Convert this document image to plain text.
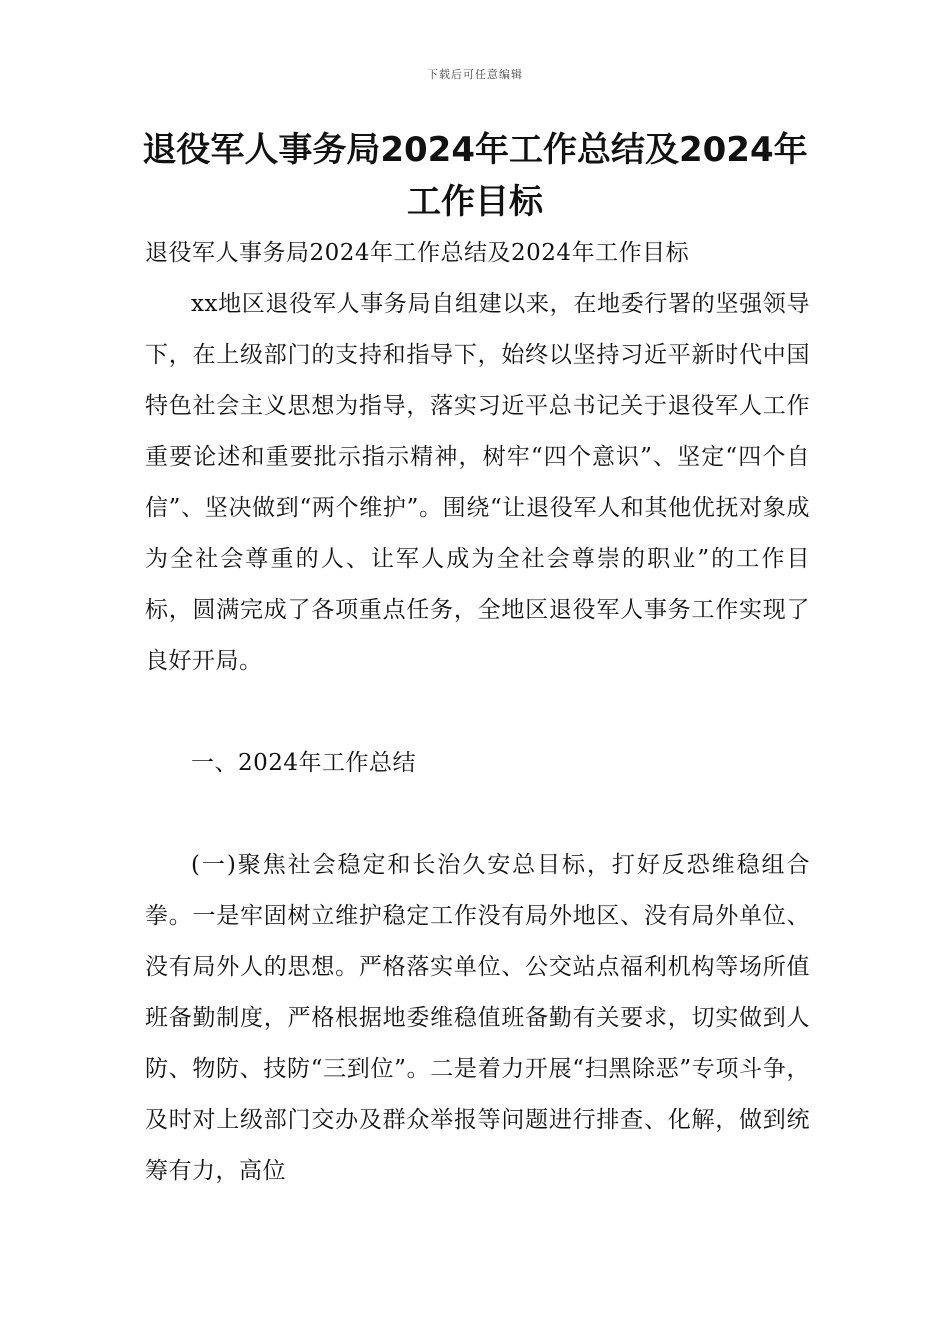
下载后可任意编辑
退役军人事务局2024年工作总结及2024年工作目标

退役军人事务局2024年工作总结及2024年工作目标

xx地区退役军人事务局自组建以来，在地委行署的坚强领导下，在上级部门的支持和指导下，始终以坚持习近平新时代中国特色社会主义思想为指导，落实习近平总书记关于退役军人工作重要论述和重要批示指示精神，树牢“四个意识”、坚定“四个自信”、坚决做到“两个维护”。围绕“让退役军人和其他优抚对象成为全社会尊重的人、让军人成为全社会尊崇的职业”的工作目标，圆满完成了各项重点任务，全地区退役军人事务工作实现了良好开局。

一、2024年工作总结

(一)聚焦社会稳定和长治久安总目标，打好反恐维稳组合拳。一是牢固树立维护稳定工作没有局外地区、没有局外单位、没有局外人的思想。严格落实单位、公交站点福利机构等场所值班备勤制度，严格根据地委维稳值班备勤有关要求，切实做到人防、物防、技防“三到位”。二是着力开展“扫黑除恶”专项斗争，及时对上级部门交办及群众举报等问题进行排查、化解，做到统筹有力，高位
